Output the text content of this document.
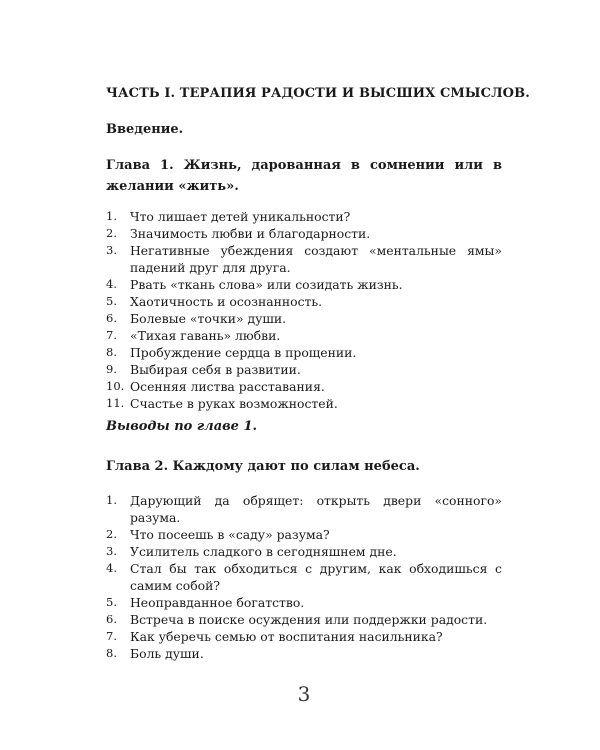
ЧАСТЬ I. ТЕРАПИЯ РАДОСТИ И ВЫСШИХ СМЫСЛОВ.
Введение.
Глава 1. Жизнь, дарованная в сомнении или в желании «жить».
1. Что лишает детей уникальности?
2. Значимость любви и благодарности.
3. Негативные убеждения создают «ментальные ямы» падений друг для друга.
4. Рвать «ткань слова» или созидать жизнь.
5. Хаотичность и осознанность.
6. Болевые «точки» души.
7. «Тихая гавань» любви.
8. Пробуждение сердца в прощении.
9. Выбирая себя в развитии.
10. Осенняя листва расставания.
11. Счастье в руках возможностей.
Выводы по главе 1.
Глава 2. Каждому дают по силам небеса.
1. Дарующий да обрящет: открыть двери «сонного» разума.
2. Что посеешь в «саду» разума?
3. Усилитель сладкого в сегодняшнем дне.
4. Стал бы так обходиться с другим, как обходишься с самим собой?
5. Неоправданное богатство.
6. Встреча в поиске осуждения или поддержки радости.
7. Как уберечь семью от воспитания насильника?
8. Боль души.
3
